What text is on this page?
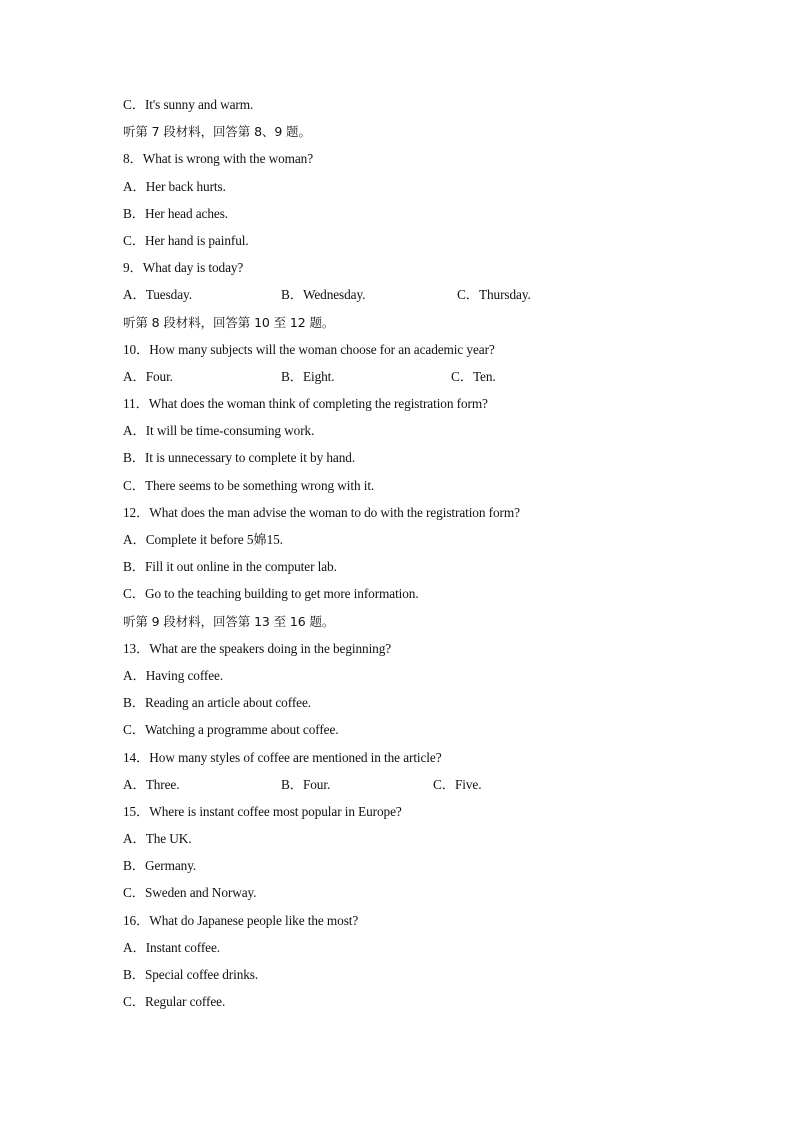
C．It's sunny and warm.
听第 7 段材料，回答第 8、9 题。
8．What is wrong with the woman?
A．Her back hurts.
B．Her head aches.
C．Her hand is painful.
9．What day is today?
A．Tuesday.	B．Wednesday.	C．Thursday.
听第 8 段材料，回答第 10 至 12 题。
10．How many subjects will the woman choose for an academic year?
A．Four.	B．Eight.	C．Ten.
11．What does the woman think of completing the registration form?
A．It will be time-consuming work.
B．It is unnecessary to complete it by hand.
C．There seems to be something wrong with it.
12．What does the man advise the woman to do with the registration form?
A．Complete it before 5婂15.
B．Fill it out online in the computer lab.
C．Go to the teaching building to get more information.
听第 9 段材料，回答第 13 至 16 题。
13．What are the speakers doing in the beginning?
A．Having coffee.
B．Reading an article about coffee.
C．Watching a programme about coffee.
14．How many styles of coffee are mentioned in the article?
A．Three.	B．Four.	C．Five.
15．Where is instant coffee most popular in Europe?
A．The UK.
B．Germany.
C．Sweden and Norway.
16．What do Japanese people like the most?
A．Instant coffee.
B．Special coffee drinks.
C．Regular coffee.
